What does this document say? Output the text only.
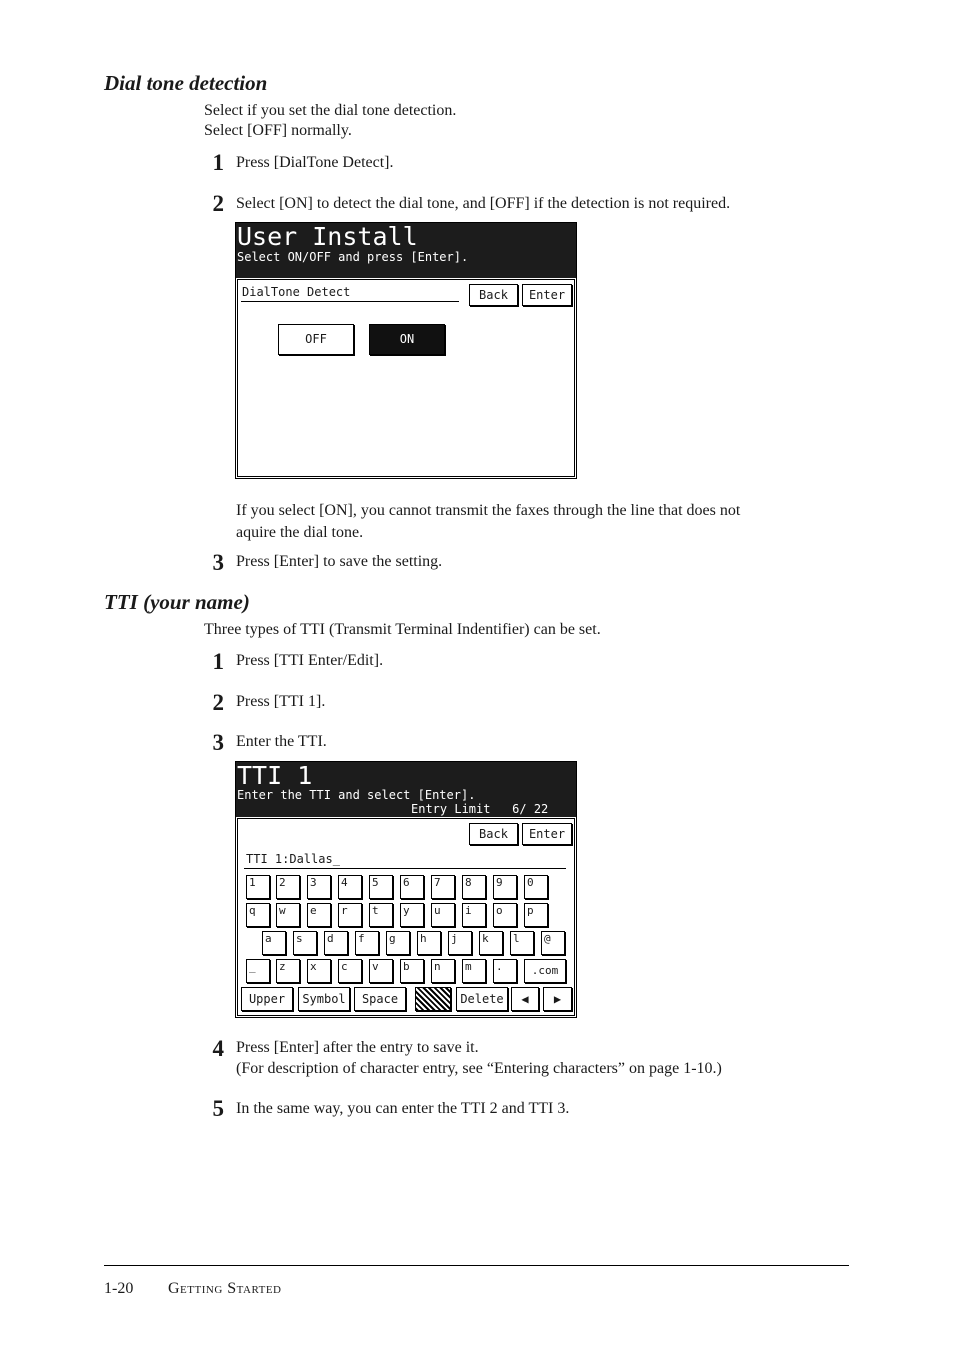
Dial tone detection
Select if you set the dial tone detection.
Select [OFF] normally.
1 Press [DialTone Detect].
2 Select [ON] to detect the dial tone, and [OFF] if the detection is not required.
User Install
Select ON/OFF and press [Enter].
DialTone Detect	Back	Enter
OFF	ON
If you select [ON], you cannot transmit the faxes through the line that does not
aquire the dial tone.
3 Press [Enter] to save the setting.
TTI (your name)
Three types of TTI (Transmit Terminal Indentifier) can be set.
1 Press [TTI Enter/Edit].
2 Press [TTI 1].
3 Enter the TTI.
TTI 1
Enter the TTI and select [Enter].
Entry Limit   6/ 22
Back	Enter
TTI 1:Dallas_
1	2	3	4	5	6	7	8	9	0
q	w	e	r	t	y	u	i	o	p
a	s	d	f	g	h	j	k	l	@
_	z	x	c	v	b	n	m	.	.com
Upper	Symbol	Space	Delete	◀	▶
4 Press [Enter] after the entry to save it.
(For description of character entry, see “Entering characters” on page 1-10.)
5 In the same way, you can enter the TTI 2 and TTI 3.
1-20 Getting Started
